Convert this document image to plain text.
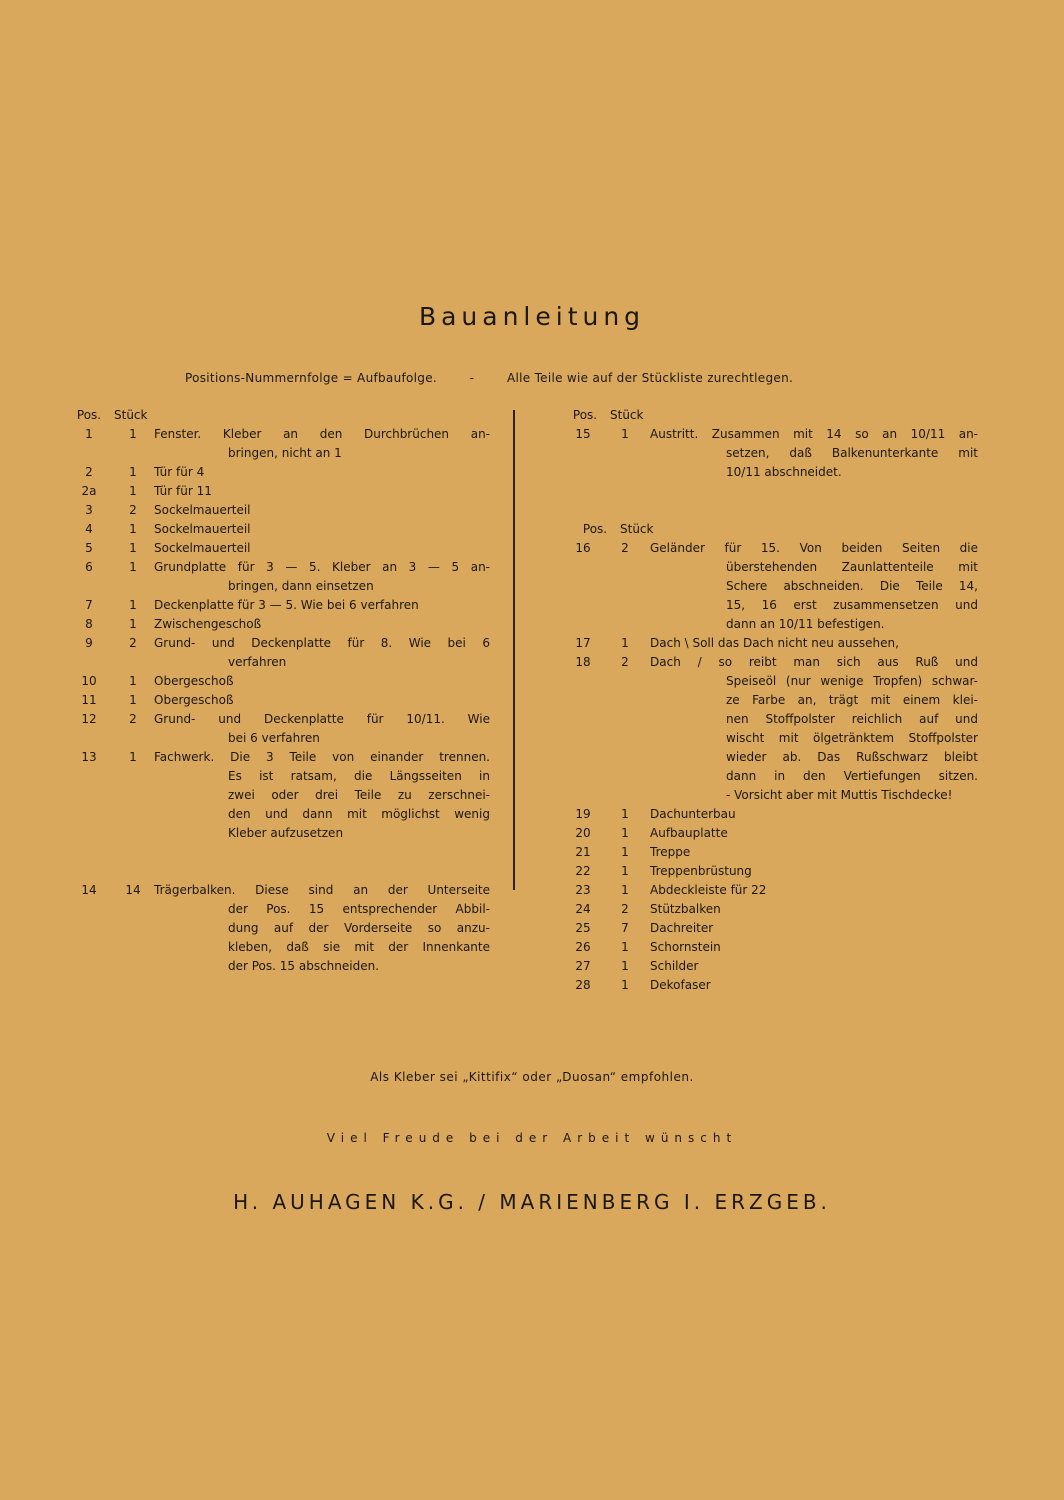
Bauanleitung
Positions-Nummernfolge = Aufbaufolge.	-	Alle Teile wie auf der Stückliste zurechtlegen.
Pos.	Stück
1	1	Fenster. Kleber an den Durchbrüchen an-
bringen, nicht an 1
2	1	Tür für 4
2a	1	Tür für 11
3	2	Sockelmauerteil
4	1	Sockelmauerteil
5	1	Sockelmauerteil
6	1	Grundplatte für 3 — 5. Kleber an 3 — 5 an-
bringen, dann einsetzen
7	1	Deckenplatte für 3 — 5. Wie bei 6 verfahren
8	1	Zwischengeschoß
9	2	Grund- und Deckenplatte für 8. Wie bei 6
verfahren
10	1	Obergeschoß
11	1	Obergeschoß
12	2	Grund- und Deckenplatte für 10/11. Wie
bei 6 verfahren
13	1	Fachwerk. Die 3 Teile von einander trennen.
Es ist ratsam, die Längsseiten in
zwei oder drei Teile zu zerschnei-
den und dann mit möglichst wenig
Kleber aufzusetzen
14	14	Trägerbalken. Diese sind an der Unterseite
der Pos. 15 entsprechender Abbil-
dung auf der Vorderseite so anzu-
kleben, daß sie mit der Innenkante
der Pos. 15 abschneiden.
Pos.	Stück
15	1	Austritt. Zusammen mit 14 so an 10/11 an-
setzen, daß Balkenunterkante mit
10/11 abschneidet.
Pos.	Stück
16	2	Geländer für 15. Von beiden Seiten die
überstehenden Zaunlattenteile mit
Schere abschneiden. Die Teile 14,
15, 16 erst zusammensetzen und
dann an 10/11 befestigen.
17	1	Dach \ Soll das Dach nicht neu aussehen,
18	2	Dach / so reibt man sich aus Ruß und
Speiseöl (nur wenige Tropfen) schwar-
ze Farbe an, trägt mit einem klei-
nen Stoffpolster reichlich auf und
wischt mit ölgetränktem Stoffpolster
wieder ab. Das Rußschwarz bleibt
dann in den Vertiefungen sitzen.
- Vorsicht aber mit Muttis Tischdecke!
19	1	Dachunterbau
20	1	Aufbauplatte
21	1	Treppe
22	1	Treppenbrüstung
23	1	Abdeckleiste für 22
24	2	Stützbalken
25	7	Dachreiter
26	1	Schornstein
27	1	Schilder
28	1	Dekofaser
Als Kleber sei „Kittifix“ oder „Duosan“ empfohlen.
Viel Freude bei der Arbeit wünscht
H. AUHAGEN K.G. / MARIENBERG I. ERZGEB.
